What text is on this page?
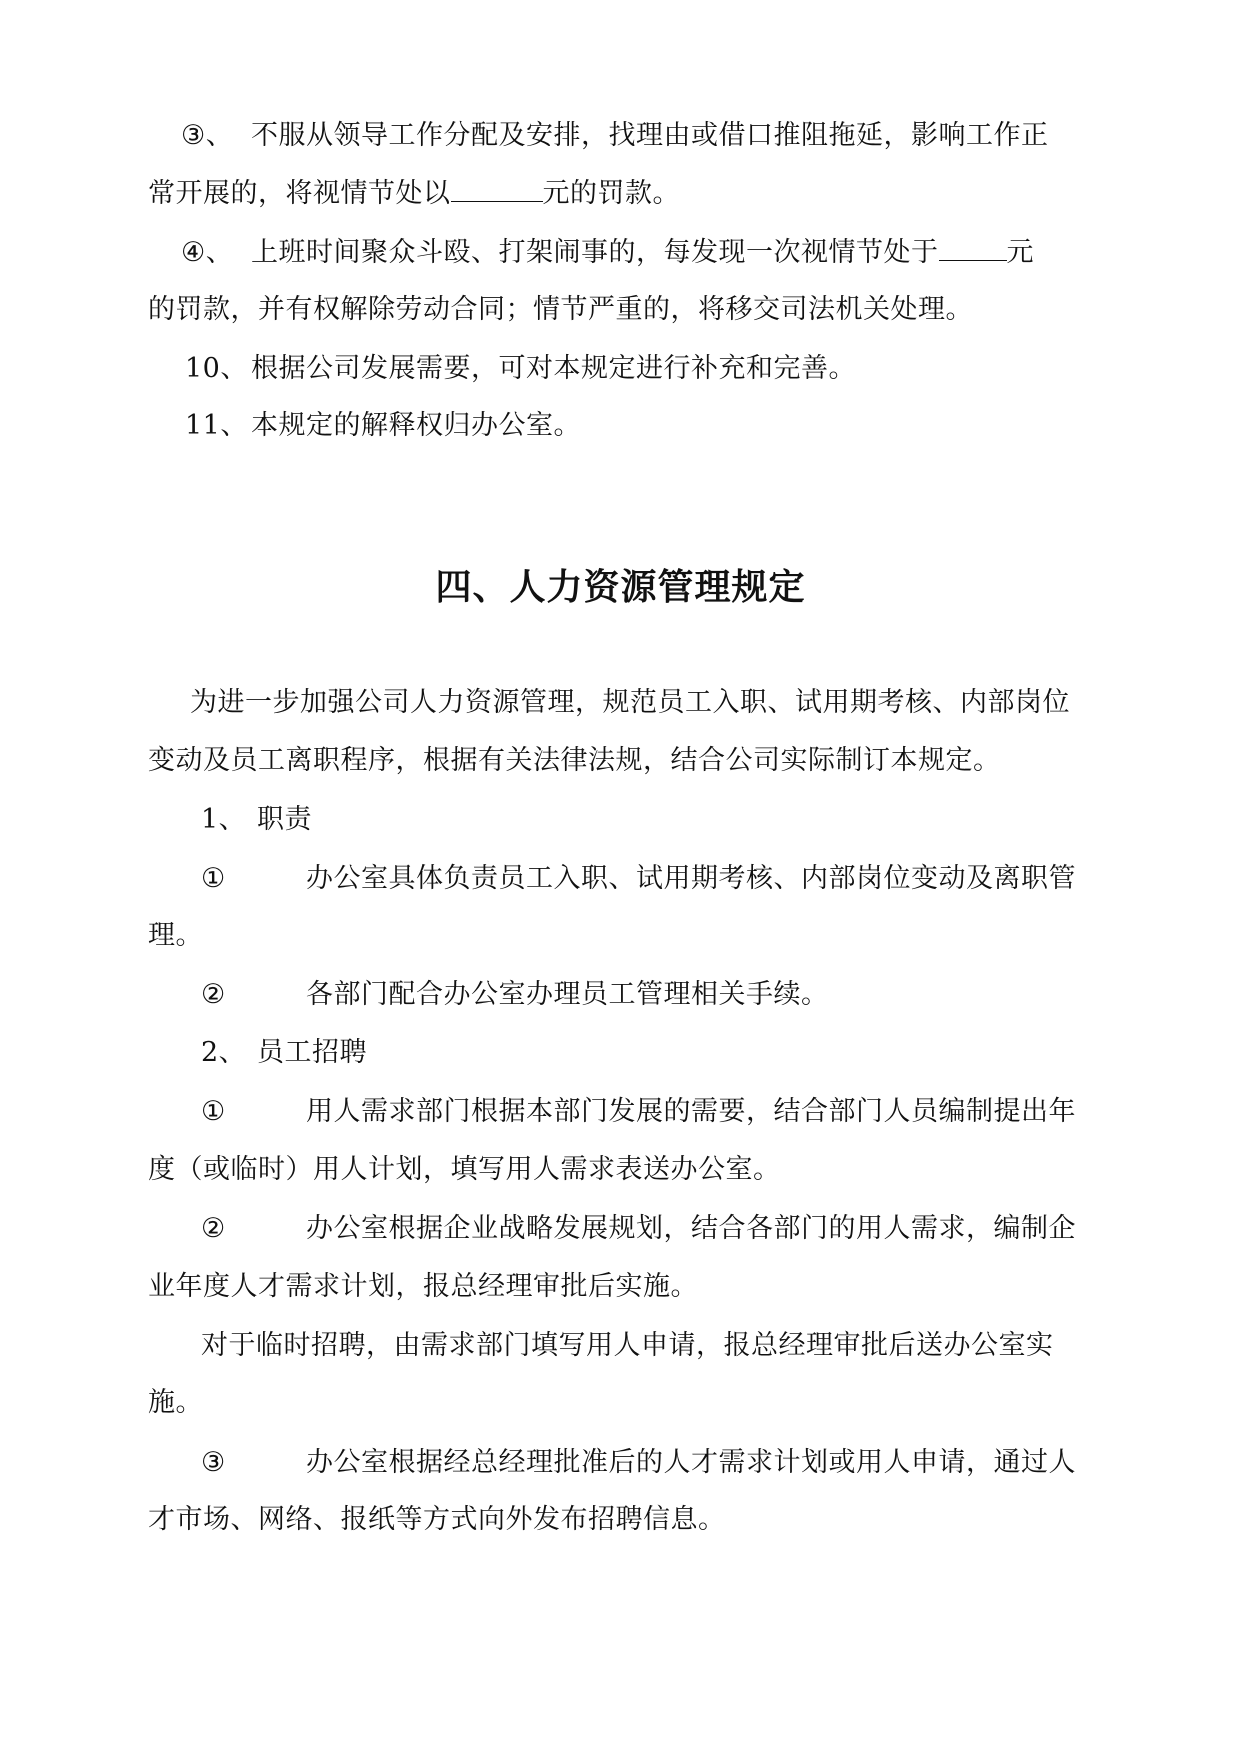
③、 不服从领导工作分配及安排，找理由或借口推阻拖延，影响工作正
常开展的，将视情节处以	元的罚款。
④、 上班时间聚众斗殴、打架闹事的，每发现一次视情节处于	元
的罚款，并有权解除劳动合同；情节严重的，将移交司法机关处理。
10、 根据公司发展需要，可对本规定进行补充和完善。
11、 本规定的解释权归办公室。
四、人力资源管理规定
为进一步加强公司人力资源管理，规范员工入职、试用期考核、内部岗位
变动及员工离职程序，根据有关法律法规，结合公司实际制订本规定。
1、 职责
①	办公室具体负责员工入职、试用期考核、内部岗位变动及离职管
理。
②	各部门配合办公室办理员工管理相关手续。
2、 员工招聘
①	用人需求部门根据本部门发展的需要，结合部门人员编制提出年
度（或临时）用人计划，填写用人需求表送办公室。
②	办公室根据企业战略发展规划，结合各部门的用人需求，编制企
业年度人才需求计划，报总经理审批后实施。
对于临时招聘，由需求部门填写用人申请，报总经理审批后送办公室实
施。
③	办公室根据经总经理批准后的人才需求计划或用人申请，通过人
才市场、网络、报纸等方式向外发布招聘信息。
